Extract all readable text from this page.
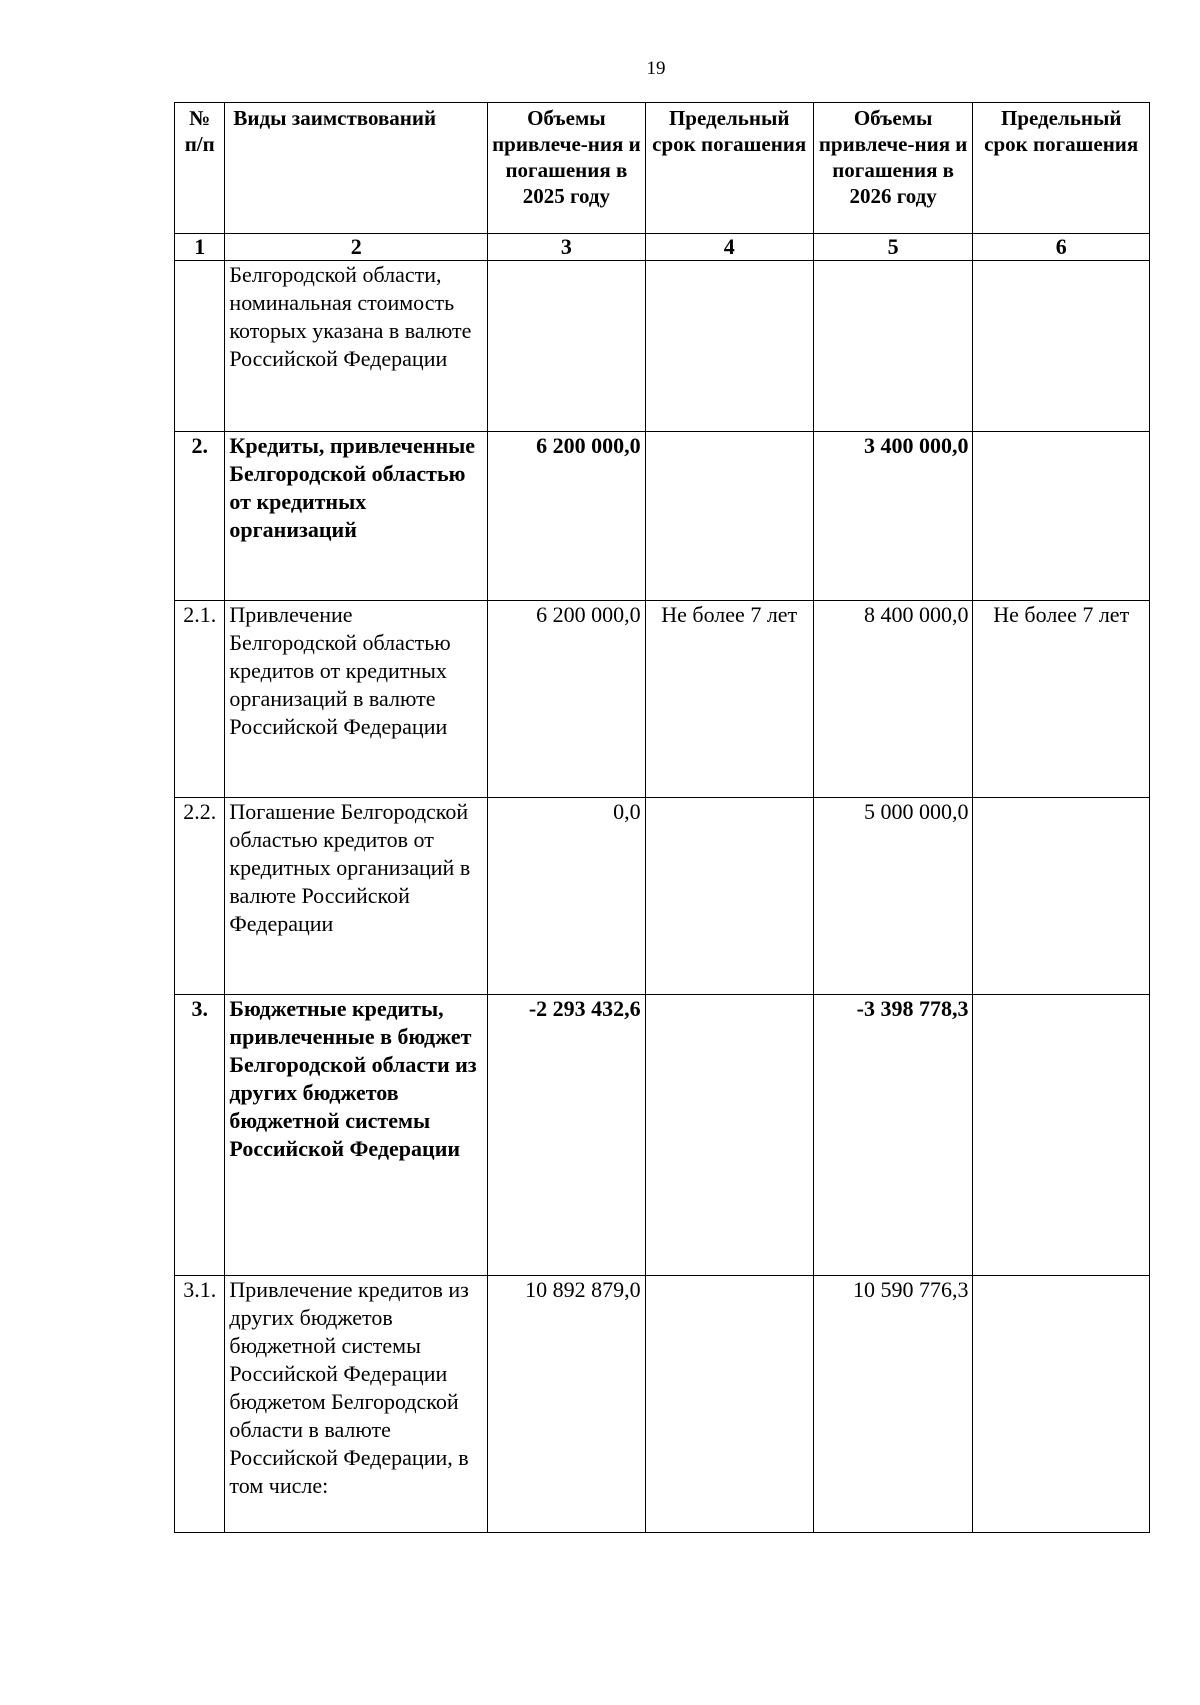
19
№
п/п	Виды заимствований	Объемы привлече-ния и погашения в 2025 году	Предельный срок погашения	Объемы привлече-ния и погашения в 2026 году	Предельный срок погашения
1	2	3	4	5	6
	Белгородской области, номинальная стоимость которых указана в валюте Российской Федерации				
2.	Кредиты, привлеченные Белгородской областью от кредитных организаций	6 200 000,0		3 400 000,0	
2.1.	Привлечение Белгородской областью кредитов от кредитных организаций в валюте Российской Федерации	6 200 000,0	Не более 7 лет	8 400 000,0	Не более 7 лет
2.2.	Погашение Белгородской областью кредитов от кредитных организаций в валюте Российской Федерации	0,0		5 000 000,0	
3.	Бюджетные кредиты, привлеченные в бюджет Белгородской области из других бюджетов бюджетной системы Российской Федерации	-2 293 432,6		-3 398 778,3	
3.1.	Привлечение кредитов из других бюджетов бюджетной системы Российской Федерации бюджетом Белгородской области в валюте Российской Федерации, в том числе:	10 892 879,0		10 590 776,3	
